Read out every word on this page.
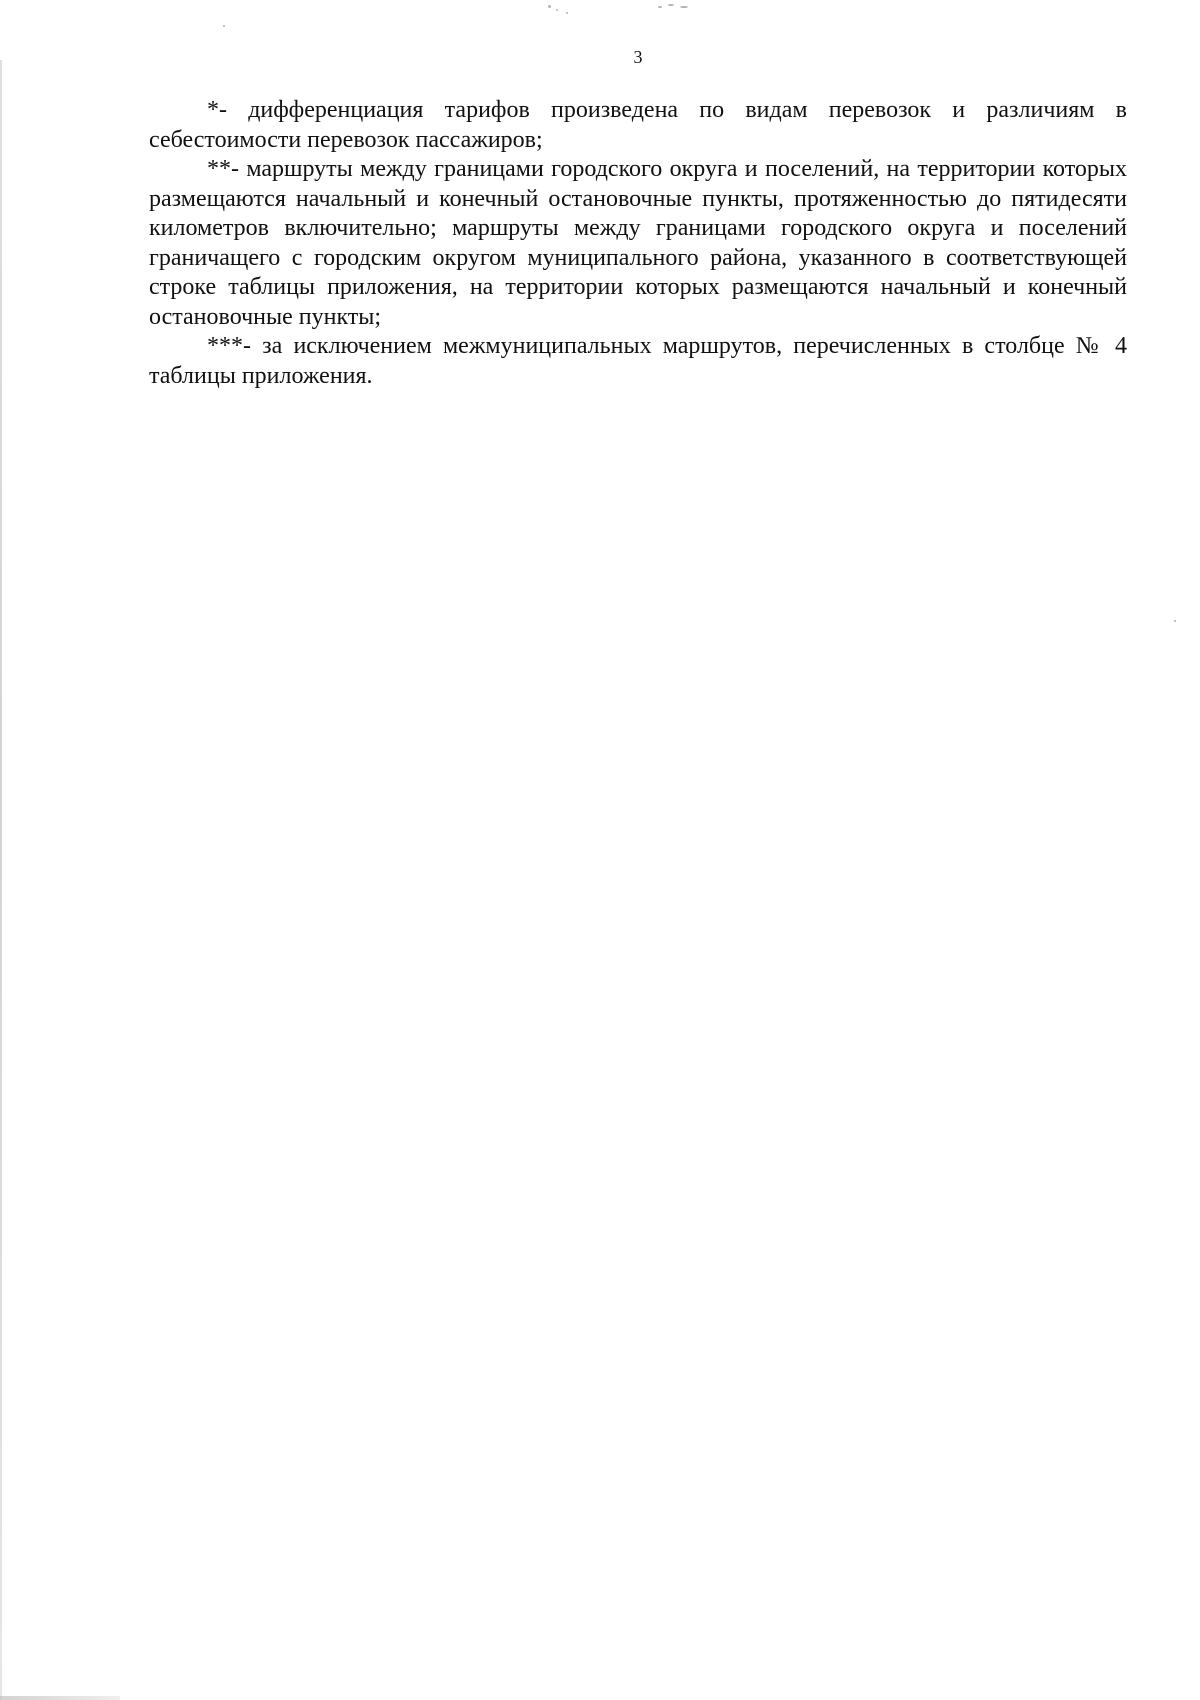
3

*- дифференциация тарифов произведена по видам перевозок и различиям в себестоимости перевозок пассажиров;

**- маршруты между границами городского округа и поселений, на территории которых размещаются начальный и конечный остановочные пункты, протяженностью до пятидесяти километров включительно; маршруты между границами городского округа и поселений граничащего с городским округом муниципального района, указанного в соответствующей строке таблицы приложения, на территории которых размещаются начальный и конечный остановочные пункты;

***- за исключением межмуниципальных маршрутов, перечисленных в столбце № 4 таблицы приложения.
